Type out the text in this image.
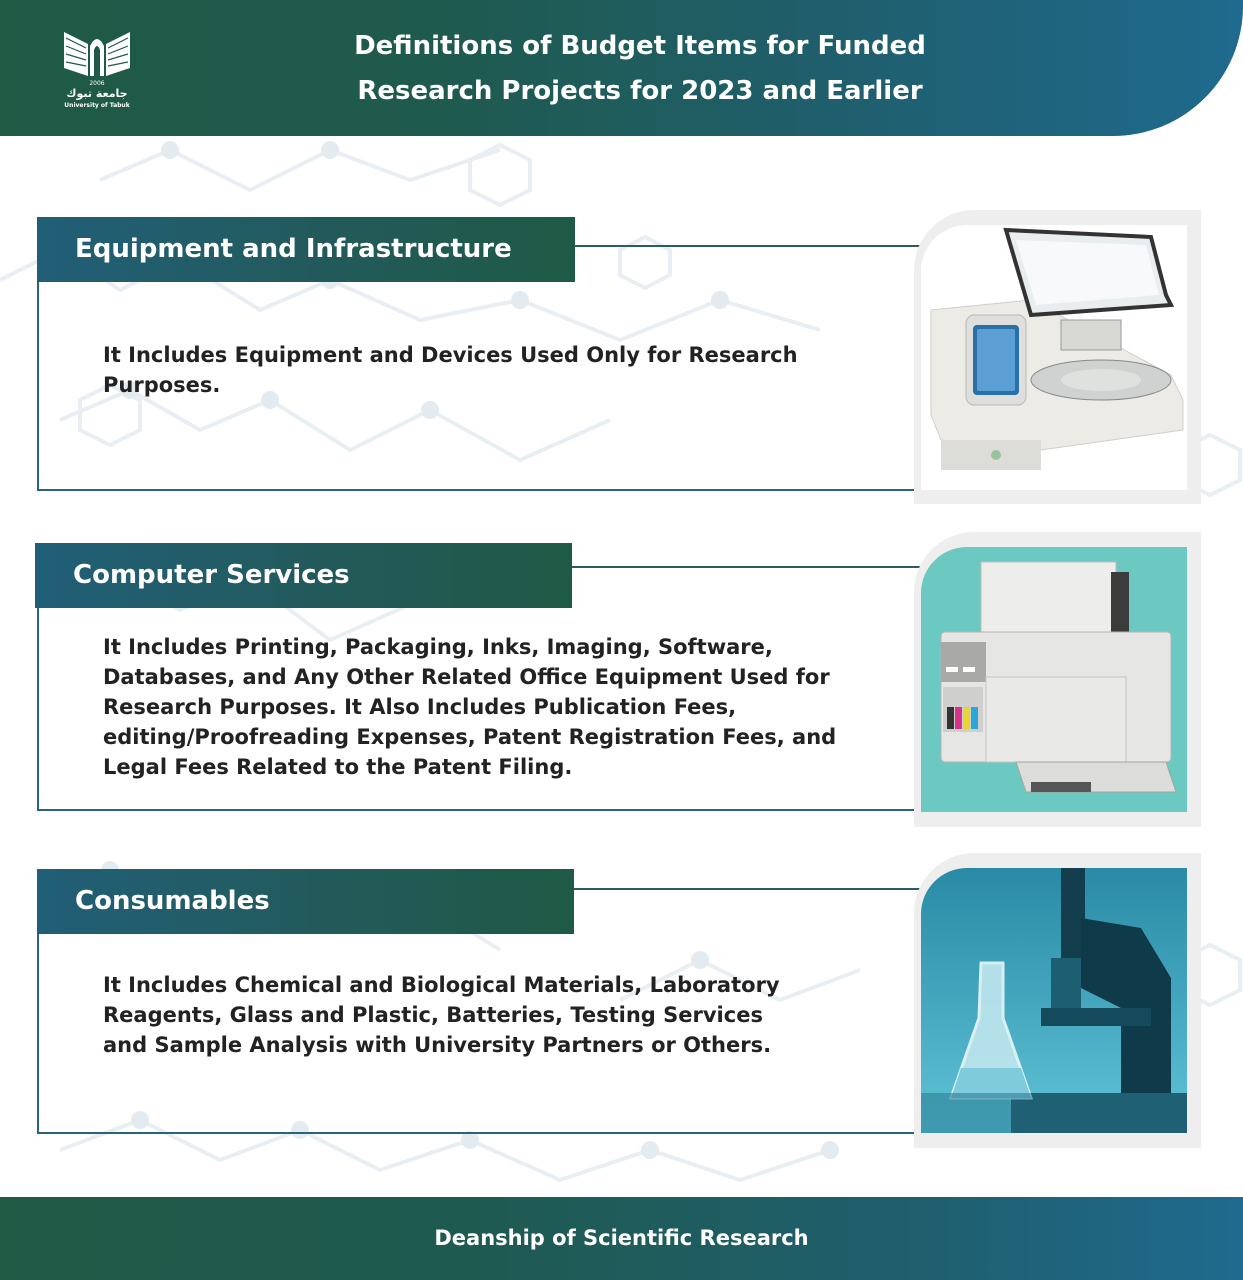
2006
جامعة تبوك
University of Tabuk
Definitions of Budget Items for Funded
Research Projects for 2023 and Earlier
Equipment and Infrastructure
It Includes Equipment and Devices Used Only for Research Purposes.
Computer Services
It Includes Printing, Packaging, Inks, Imaging, Software, Databases, and Any Other Related Office Equipment Used for Research Purposes. It Also Includes Publication Fees, editing/Proofreading Expenses, Patent Registration Fees, and Legal Fees Related to the Patent Filing.
Consumables
It Includes Chemical and Biological Materials, Laboratory Reagents, Glass and Plastic, Batteries, Testing Services and Sample Analysis with University Partners or Others.
Deanship of Scientific Research
